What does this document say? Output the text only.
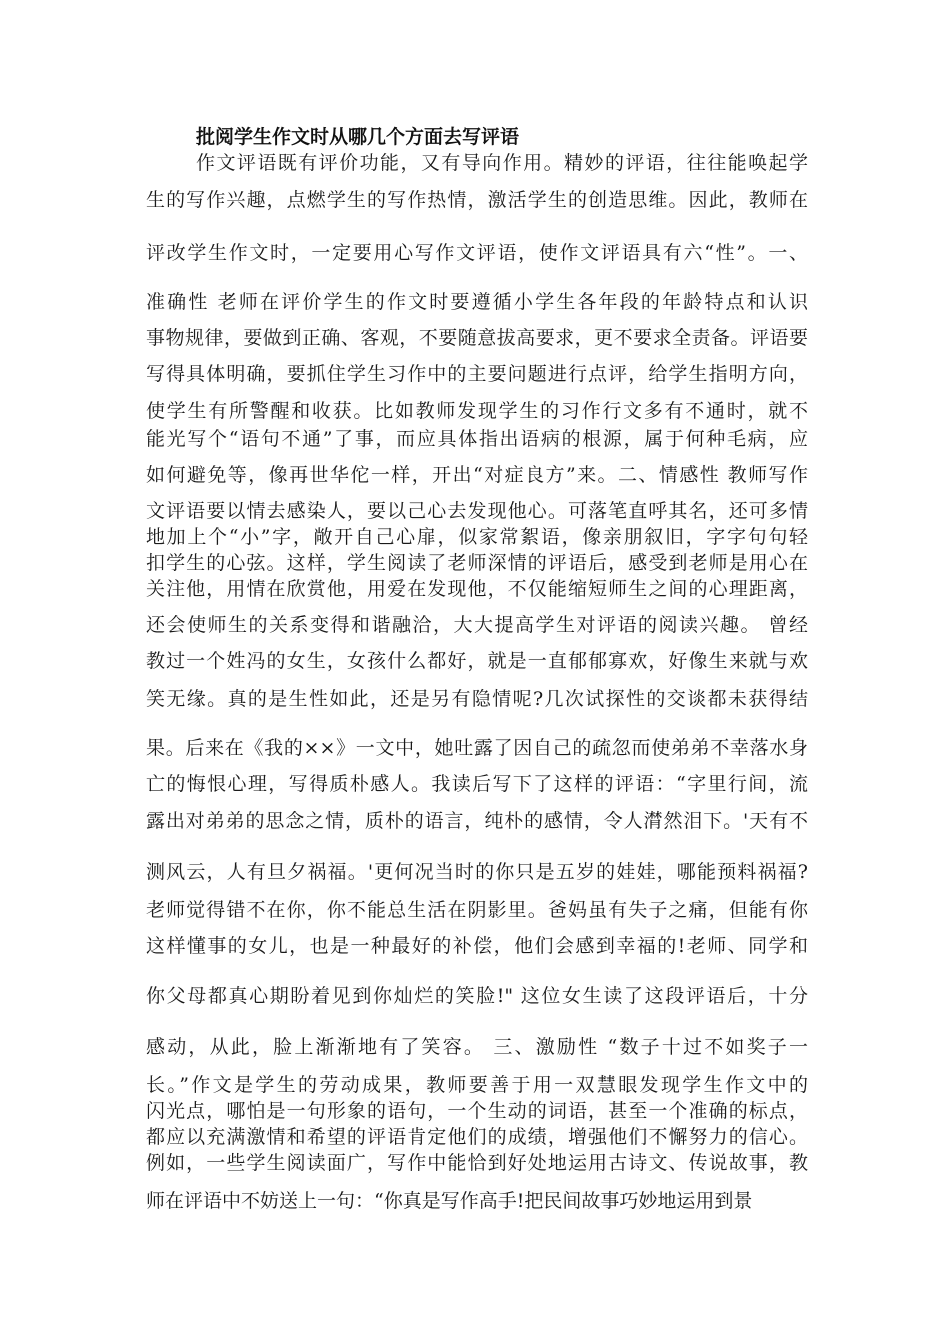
批阅学生作文时从哪几个方面去写评语
作文评语既有评价功能，又有导向作用。精妙的评语，往往能唤起学
生的写作兴趣，点燃学生的写作热情，激活学生的创造思维。因此，教师在
评改学生作文时，一定要用心写作文评语，使作文评语具有六“性”。一、
准确性 老师在评价学生的作文时要遵循小学生各年段的年龄特点和认识
事物规律，要做到正确、客观，不要随意拔高要求，更不要求全责备。评语要
写得具体明确，要抓住学生习作中的主要问题进行点评，给学生指明方向，
使学生有所警醒和收获。比如教师发现学生的习作行文多有不通时，就不
能光写个“语句不通”了事，而应具体指出语病的根源，属于何种毛病，应
如何避免等，像再世华佗一样，开出“对症良方”来。二、情感性 教师写作
文评语要以情去感染人，要以己心去发现他心。可落笔直呼其名，还可多情
地加上个“小”字，敞开自己心扉，似家常絮语，像亲朋叙旧，字字句句轻
扣学生的心弦。这样，学生阅读了老师深情的评语后，感受到老师是用心在
关注他，用情在欣赏他，用爱在发现他，不仅能缩短师生之间的心理距离，
还会使师生的关系变得和谐融洽，大大提高学生对评语的阅读兴趣。 曾经
教过一个姓冯的女生，女孩什么都好，就是一直郁郁寡欢，好像生来就与欢
笑无缘。真的是生性如此，还是另有隐情呢?几次试探性的交谈都未获得结
果。后来在《我的××》一文中，她吐露了因自己的疏忽而使弟弟不幸落水身
亡的悔恨心理，写得质朴感人。我读后写下了这样的评语：“字里行间，流
露出对弟弟的思念之情，质朴的语言，纯朴的感情，令人潸然泪下。'天有不
测风云，人有旦夕祸福。'更何况当时的你只是五岁的娃娃，哪能预料祸福?
老师觉得错不在你，你不能总生活在阴影里。爸妈虽有失子之痛，但能有你
这样懂事的女儿，也是一种最好的补偿，他们会感到幸福的!老师、同学和
你父母都真心期盼着见到你灿烂的笑脸!" 这位女生读了这段评语后，十分
感动，从此，脸上渐渐地有了笑容。 三、激励性 “数子十过不如奖子一
长。”作文是学生的劳动成果，教师要善于用一双慧眼发现学生作文中的
闪光点，哪怕是一句形象的语句，一个生动的词语，甚至一个准确的标点，
都应以充满激情和希望的评语肯定他们的成绩，增强他们不懈努力的信心。
例如，一些学生阅读面广，写作中能恰到好处地运用古诗文、传说故事，教
师在评语中不妨送上一句：“你真是写作高手!把民间故事巧妙地运用到景
